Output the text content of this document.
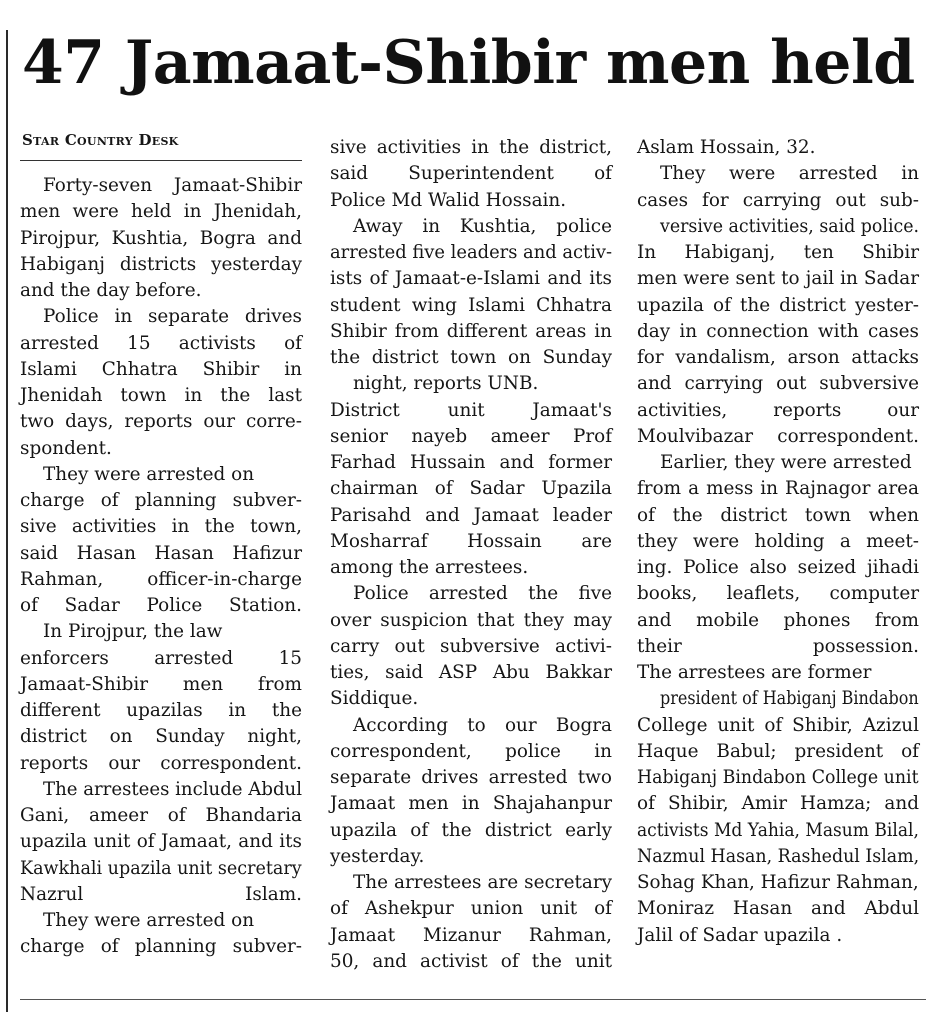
47 Jamaat-Shibir men held
Star Country Desk
Forty-seven Jamaat-Shibir
men were held in Jhenidah,
Pirojpur, Kushtia, Bogra and
Habiganj districts yesterday
and the day before.
Police in separate drives
arrested 15 activists of
Islami Chhatra Shibir in
Jhenidah town in the last
two days, reports our corre-
spondent.
They were arrested on
charge of planning subver-
sive activities in the town,
said Hasan Hasan Hafizur
Rahman, officer-in-charge
of Sadar Police Station.
In Pirojpur, the law
enforcers arrested 15
Jamaat-Shibir men from
different upazilas in the
district on Sunday night,
reports our correspondent.
The arrestees include Abdul
Gani, ameer of Bhandaria
upazila unit of Jamaat, and its
Kawkhali upazila unit secretary
Nazrul Islam.
They were arrested on
charge of planning subver-
sive activities in the district,
said Superintendent of
Police Md Walid Hossain.
Away in Kushtia, police
arrested five leaders and activ-
ists of Jamaat-e-Islami and its
student wing Islami Chhatra
Shibir from different areas in
the district town on Sunday
night, reports UNB.
District unit Jamaat's
senior nayeb ameer Prof
Farhad Hussain and former
chairman of Sadar Upazila
Parisahd and Jamaat leader
Mosharraf Hossain are
among the arrestees.
Police arrested the five
over suspicion that they may
carry out subversive activi-
ties, said ASP Abu Bakkar
Siddique.
According to our Bogra
correspondent, police in
separate drives arrested two
Jamaat men in Shajahanpur
upazila of the district early
yesterday.
The arrestees are secretary
of Ashekpur union unit of
Jamaat Mizanur Rahman,
50, and activist of the unit
Aslam Hossain, 32.
They were arrested in
cases for carrying out sub-
versive activities, said police.
In Habiganj, ten Shibir
men were sent to jail in Sadar
upazila of the district yester-
day in connection with cases
for vandalism, arson attacks
and carrying out subversive
activities, reports our
Moulvibazar correspondent.
Earlier, they were arrested
from a mess in Rajnagor area
of the district town when
they were holding a meet-
ing. Police also seized jihadi
books, leaflets, computer
and mobile phones from
their possession.
The arrestees are former
president of Habiganj Bindabon
College unit of Shibir, Azizul
Haque Babul; president of
Habiganj Bindabon College unit
of Shibir, Amir Hamza; and
activists Md Yahia, Masum Bilal,
Nazmul Hasan, Rashedul Islam,
Sohag Khan, Hafizur Rahman,
Moniraz Hasan and Abdul
Jalil of Sadar upazila .
